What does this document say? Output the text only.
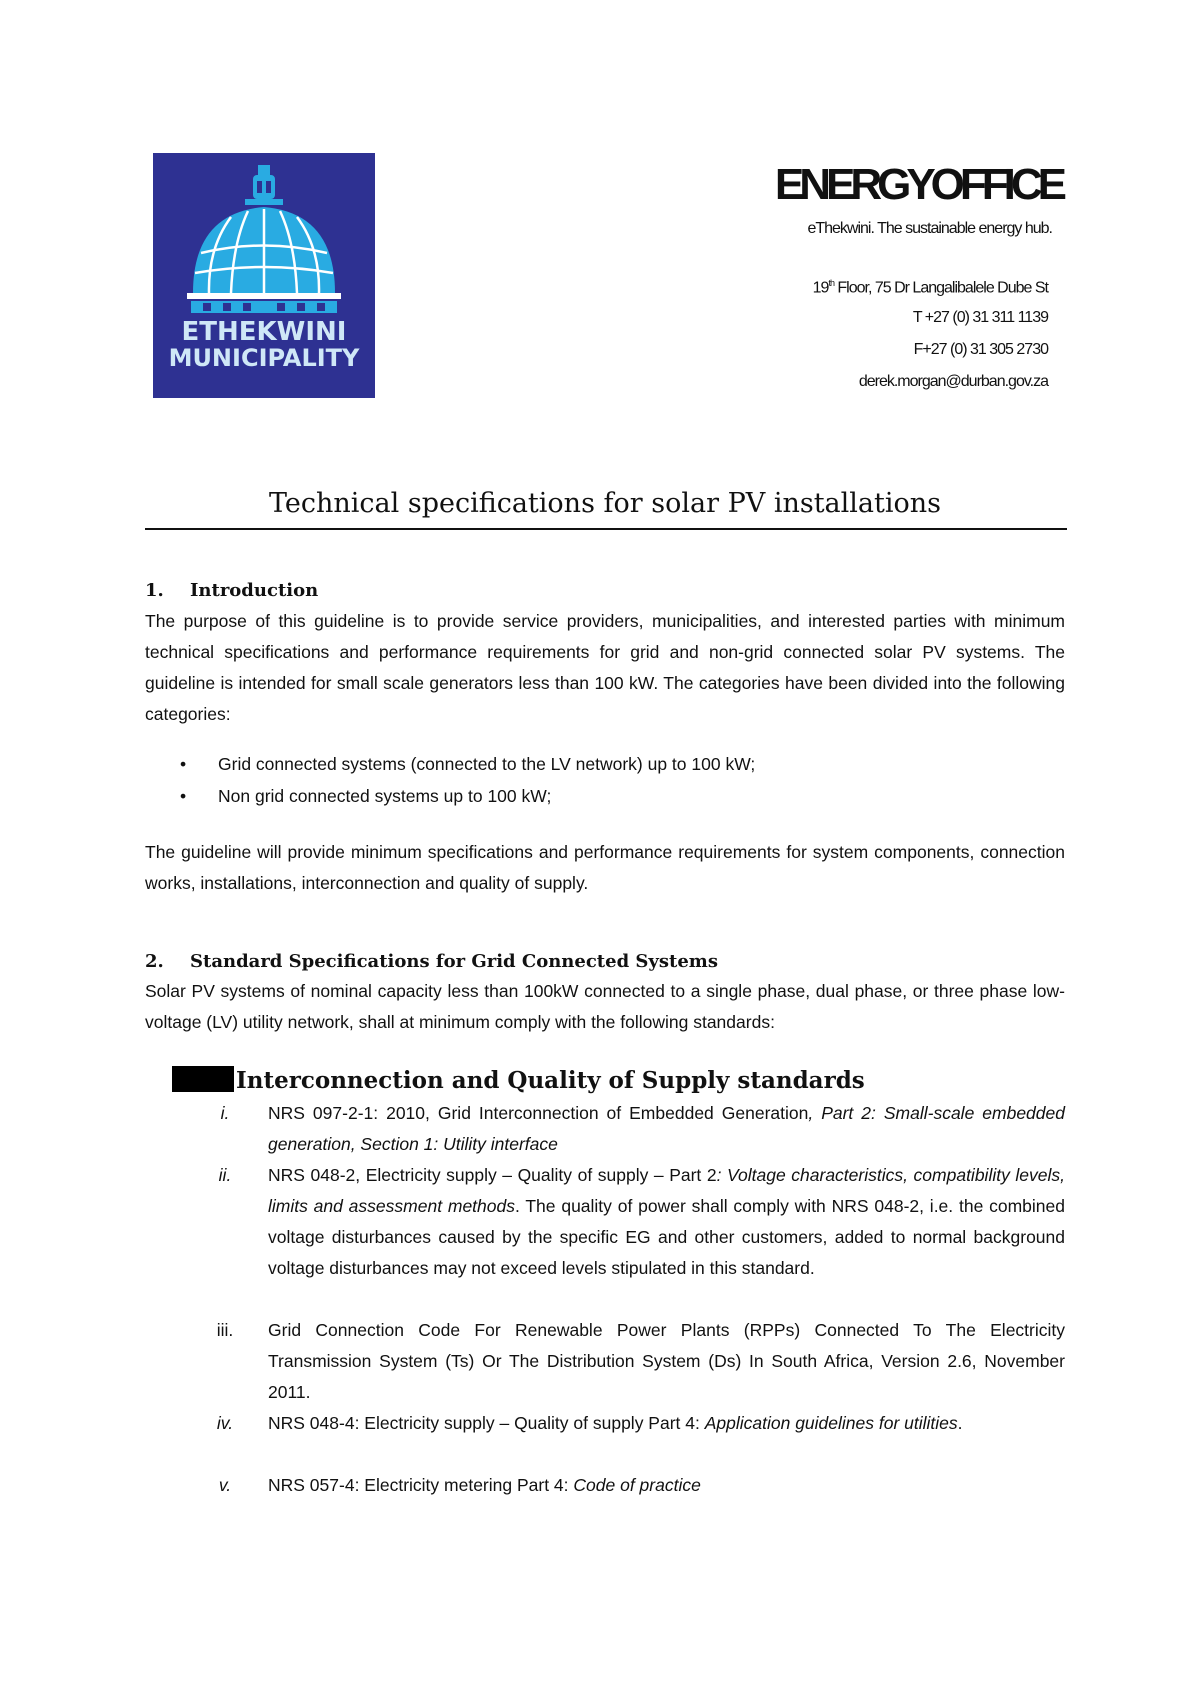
ETHEKWINI
MUNICIPALITY
ENERGYOFFICE
eThekwini. The sustainable energy hub.
19th Floor, 75 Dr Langalibalele Dube St
T +27 (0) 31 311 1139
F+27 (0) 31 305 2730
derek.morgan@durban.gov.za
Technical specifications for solar PV installations
1. Introduction
The purpose of this guideline is to provide service providers, municipalities, and interested parties with minimum technical specifications and performance requirements for grid and non-grid connected solar PV systems. The guideline is intended for small scale generators less than 100 kW. The categories have been divided into the following categories:
• Grid connected systems (connected to the LV network) up to 100 kW;
• Non grid connected systems up to 100 kW;
The guideline will provide minimum specifications and performance requirements for system components, connection works, installations, interconnection and quality of supply.
2. Standard Specifications for Grid Connected Systems
Solar PV systems of nominal capacity less than 100kW connected to a single phase, dual phase, or three phase low-voltage (LV) utility network, shall at minimum comply with the following standards:
Interconnection and Quality of Supply standards
i.	NRS 097-2-1: 2010, Grid Interconnection of Embedded Generation, Part 2: Small-scale embedded generation, Section 1: Utility interface
ii.	NRS 048-2, Electricity supply – Quality of supply – Part 2: Voltage characteristics, compatibility levels, limits and assessment methods. The quality of power shall comply with NRS 048-2, i.e. the combined voltage disturbances caused by the specific EG and other customers, added to normal background voltage disturbances may not exceed levels stipulated in this standard.
iii.	Grid Connection Code For Renewable Power Plants (RPPs) Connected To The Electricity Transmission System (Ts) Or The Distribution System (Ds) In South Africa, Version 2.6, November 2011.
iv.	NRS 048-4: Electricity supply – Quality of supply Part 4: Application guidelines for utilities.
v.	NRS 057-4: Electricity metering Part 4: Code of practice
